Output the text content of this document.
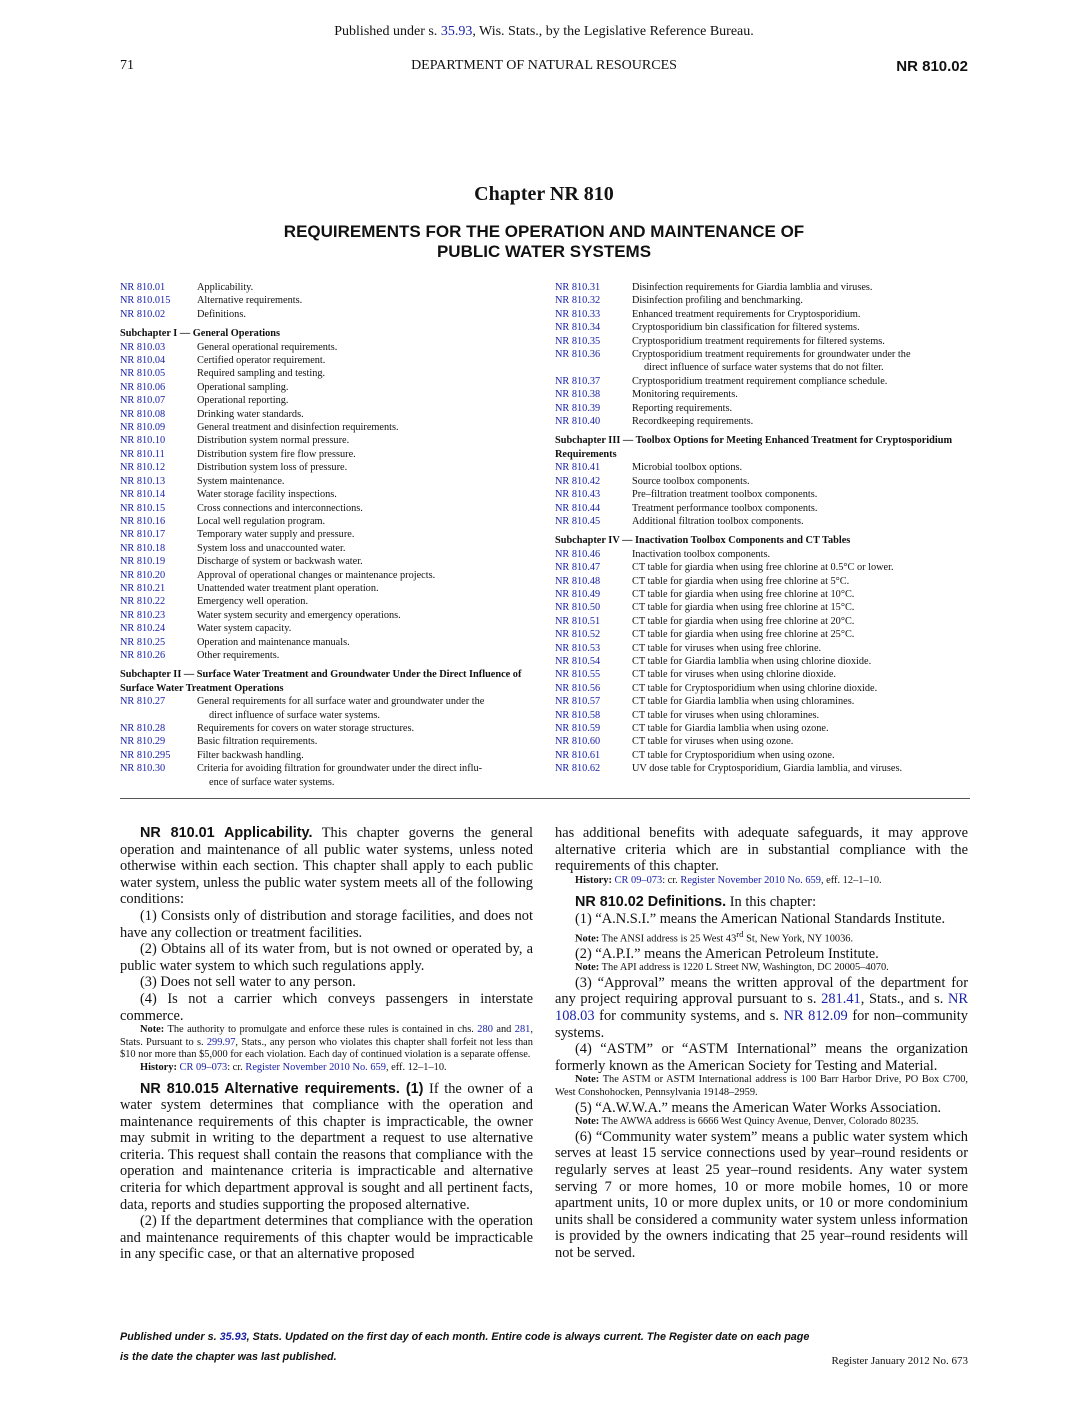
Published under s. 35.93, Wis. Stats., by the Legislative Reference Bureau.
71	DEPARTMENT OF NATURAL RESOURCES	NR 810.02
Chapter NR 810
REQUIREMENTS FOR THE OPERATION AND MAINTENANCE OF
PUBLIC WATER SYSTEMS
NR 810.01	Applicability.
NR 810.015	Alternative requirements.
NR 810.02	Definitions.
Subchapter I — General Operations
NR 810.03	General operational requirements.
NR 810.04	Certified operator requirement.
NR 810.05	Required sampling and testing.
NR 810.06	Operational sampling.
NR 810.07	Operational reporting.
NR 810.08	Drinking water standards.
NR 810.09	General treatment and disinfection requirements.
NR 810.10	Distribution system normal pressure.
NR 810.11	Distribution system fire flow pressure.
NR 810.12	Distribution system loss of pressure.
NR 810.13	System maintenance.
NR 810.14	Water storage facility inspections.
NR 810.15	Cross connections and interconnections.
NR 810.16	Local well regulation program.
NR 810.17	Temporary water supply and pressure.
NR 810.18	System loss and unaccounted water.
NR 810.19	Discharge of system or backwash water.
NR 810.20	Approval of operational changes or maintenance projects.
NR 810.21	Unattended water treatment plant operation.
NR 810.22	Emergency well operation.
NR 810.23	Water system security and emergency operations.
NR 810.24	Water system capacity.
NR 810.25	Operation and maintenance manuals.
NR 810.26	Other requirements.
Subchapter II — Surface Water Treatment and Groundwater Under the Direct Influence of Surface Water Treatment Operations
NR 810.27	General requirements for all surface water and groundwater under the
direct influence of surface water systems.
NR 810.28	Requirements for covers on water storage structures.
NR 810.29	Basic filtration requirements.
NR 810.295	Filter backwash handling.
NR 810.30	Criteria for avoiding filtration for groundwater under the direct influ-
ence of surface water systems.
NR 810.31	Disinfection requirements for Giardia lamblia and viruses.
NR 810.32	Disinfection profiling and benchmarking.
NR 810.33	Enhanced treatment requirements for Cryptosporidium.
NR 810.34	Cryptosporidium bin classification for filtered systems.
NR 810.35	Cryptosporidium treatment requirements for filtered systems.
NR 810.36	Cryptosporidium treatment requirements for groundwater under the
direct influence of surface water systems that do not filter.
NR 810.37	Cryptosporidium treatment requirement compliance schedule.
NR 810.38	Monitoring requirements.
NR 810.39	Reporting requirements.
NR 810.40	Recordkeeping requirements.
Subchapter III — Toolbox Options for Meeting Enhanced Treatment for Cryptosporidium Requirements
NR 810.41	Microbial toolbox options.
NR 810.42	Source toolbox components.
NR 810.43	Pre–filtration treatment toolbox components.
NR 810.44	Treatment performance toolbox components.
NR 810.45	Additional filtration toolbox components.
Subchapter IV — Inactivation Toolbox Components and CT Tables
NR 810.46	Inactivation toolbox components.
NR 810.47	CT table for giardia when using free chlorine at 0.5°C or lower.
NR 810.48	CT table for giardia when using free chlorine at 5°C.
NR 810.49	CT table for giardia when using free chlorine at 10°C.
NR 810.50	CT table for giardia when using free chlorine at 15°C.
NR 810.51	CT table for giardia when using free chlorine at 20°C.
NR 810.52	CT table for giardia when using free chlorine at 25°C.
NR 810.53	CT table for viruses when using free chlorine.
NR 810.54	CT table for Giardia lamblia when using chlorine dioxide.
NR 810.55	CT table for viruses when using chlorine dioxide.
NR 810.56	CT table for Cryptosporidium when using chlorine dioxide.
NR 810.57	CT table for Giardia lamblia when using chloramines.
NR 810.58	CT table for viruses when using chloramines.
NR 810.59	CT table for Giardia lamblia when using ozone.
NR 810.60	CT table for viruses when using ozone.
NR 810.61	CT table for Cryptosporidium when using ozone.
NR 810.62	UV dose table for Cryptosporidium, Giardia lamblia, and viruses.

NR 810.01 Applicability. This chapter governs the general operation and maintenance of all public water systems, unless noted otherwise within each section. This chapter shall apply to each public water system, unless the public water system meets all of the following conditions:

(1) Consists only of distribution and storage facilities, and does not have any collection or treatment facilities.

(2) Obtains all of its water from, but is not owned or operated by, a public water system to which such regulations apply.

(3) Does not sell water to any person.

(4) Is not a carrier which conveys passengers in interstate commerce.

Note: The authority to promulgate and enforce these rules is contained in chs. 280 and 281, Stats. Pursuant to s. 299.97, Stats., any person who violates this chapter shall forfeit not less than $10 nor more than $5,000 for each violation. Each day of continued violation is a separate offense.

History: CR 09–073: cr. Register November 2010 No. 659, eff. 12–1–10.

NR 810.015 Alternative requirements. (1) If the owner of a water system determines that compliance with the operation and maintenance requirements of this chapter is impracticable, the owner may submit in writing to the department a request to use alternative criteria. This request shall contain the reasons that compliance with the operation and maintenance criteria is impracticable and alternative criteria for which department approval is sought and all pertinent facts, data, reports and studies supporting the proposed alternative.

(2) If the department determines that compliance with the operation and maintenance requirements of this chapter would be impracticable in any specific case, or that an alternative proposed

has additional benefits with adequate safeguards, it may approve alternative criteria which are in substantial compliance with the requirements of this chapter.

History: CR 09–073: cr. Register November 2010 No. 659, eff. 12–1–10.

NR 810.02 Definitions. In this chapter:

(1) “A.N.S.I.” means the American National Standards Institute.

Note: The ANSI address is 25 West 43rd St, New York, NY 10036.

(2) “A.P.I.” means the American Petroleum Institute.

Note: The API address is 1220 L Street NW, Washington, DC 20005–4070.

(3) “Approval” means the written approval of the department for any project requiring approval pursuant to s. 281.41, Stats., and s. NR 108.03 for community systems, and s. NR 812.09 for non–community systems.

(4) “ASTM” or “ASTM International” means the organization formerly known as the American Society for Testing and Material.

Note: The ASTM or ASTM International address is 100 Barr Harbor Drive, PO Box C700, West Conshohocken, Pennsylvania 19148–2959.

(5) “A.W.W.A.” means the American Water Works Association.

Note: The AWWA address is 6666 West Quincy Avenue, Denver, Colorado 80235.

(6) “Community water system” means a public water system which serves at least 15 service connections used by year–round residents or regularly serves at least 25 year–round residents. Any water system serving 7 or more homes, 10 or more mobile homes, 10 or more apartment units, 10 or more duplex units, or 10 or more condominium units shall be considered a community water system unless information is provided by the owners indicating that 25 year–round residents will not be served.

Published under s. 35.93, Stats. Updated on the first day of each month. Entire code is always current. The Register date on each page
is the date the chapter was last published.	Register January 2012 No. 673
